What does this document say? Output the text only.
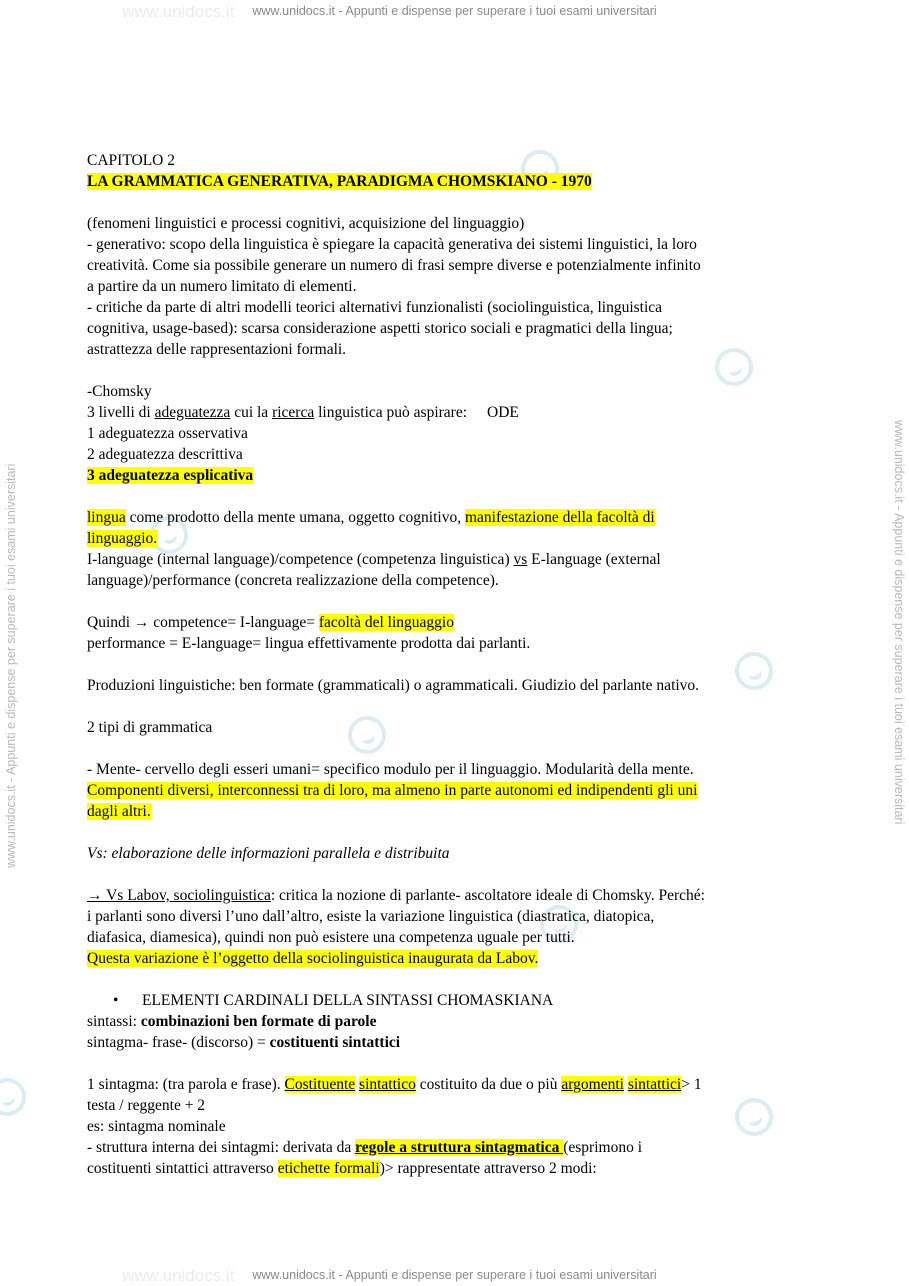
www.unidocs.it - Appunti e dispense per superare i tuoi esami universitari
www.unidocs.it - Appunti e dispense per superare i tuoi esami universitari
www.unidocs.it - Appunti e dispense per superare i tuoi esami universitari	www.unidocs.it - Appunti e dispense per superare i tuoi esami universitari
www.unidocs.it
www.unidocs.it
CAPITOLO 2
LA GRAMMATICA GENERATIVA, PARADIGMA CHOMSKIANO - 1970
(fenomeni linguistici e processi cognitivi, acquisizione del linguaggio)
- generativo: scopo della linguistica è spiegare la capacità generativa dei sistemi linguistici, la loro
creatività. Come sia possibile generare un numero di frasi sempre diverse e potenzialmente infinito
a partire da un numero limitato di elementi.
- critiche da parte di altri modelli teorici alternativi funzionalisti (sociolinguistica, linguistica
cognitiva, usage-based): scarsa considerazione aspetti storico sociali e pragmatici della lingua;
astrattezza delle rappresentazioni formali.
-Chomsky
3 livelli di adeguatezza cui la ricerca linguistica può aspirare: ODE
1 adeguatezza osservativa
2 adeguatezza descrittiva
3 adeguatezza esplicativa
lingua come prodotto della mente umana, oggetto cognitivo, manifestazione della facoltà di
linguaggio.
I-language (internal language)/competence (competenza linguistica) vs E-language (external
language)/performance (concreta realizzazione della competence).
Quindi → competence= I-language= facoltà del linguaggio
performance = E-language= lingua effettivamente prodotta dai parlanti.
Produzioni linguistiche: ben formate (grammaticali) o agrammaticali. Giudizio del parlante nativo.
2 tipi di grammatica
- Mente- cervello degli esseri umani= specifico modulo per il linguaggio. Modularità della mente.
Componenti diversi, interconnessi tra di loro, ma almeno in parte autonomi ed indipendenti gli uni
dagli altri.
Vs: elaborazione delle informazioni parallela e distribuita
→ Vs Labov, sociolinguistica: critica la nozione di parlante- ascoltatore ideale di Chomsky. Perché:
i parlanti sono diversi l’uno dall’altro, esiste la variazione linguistica (diastratica, diatopica,
diafasica, diamesica), quindi non può esistere una competenza uguale per tutti.
Questa variazione è l’oggetto della sociolinguistica inaugurata da Labov.
• ELEMENTI CARDINALI DELLA SINTASSI CHOMASKIANA
sintassi: combinazioni ben formate di parole
sintagma- frase- (discorso) = costituenti sintattici
1 sintagma: (tra parola e frase). Costituente sintattico costituito da due o più argomenti sintattici> 1
testa / reggente + 2
es: sintagma nominale
- struttura interna dei sintagmi: derivata da regole a struttura sintagmatica (esprimono i
costituenti sintattici attraverso etichette formali)> rappresentate attraverso 2 modi:
